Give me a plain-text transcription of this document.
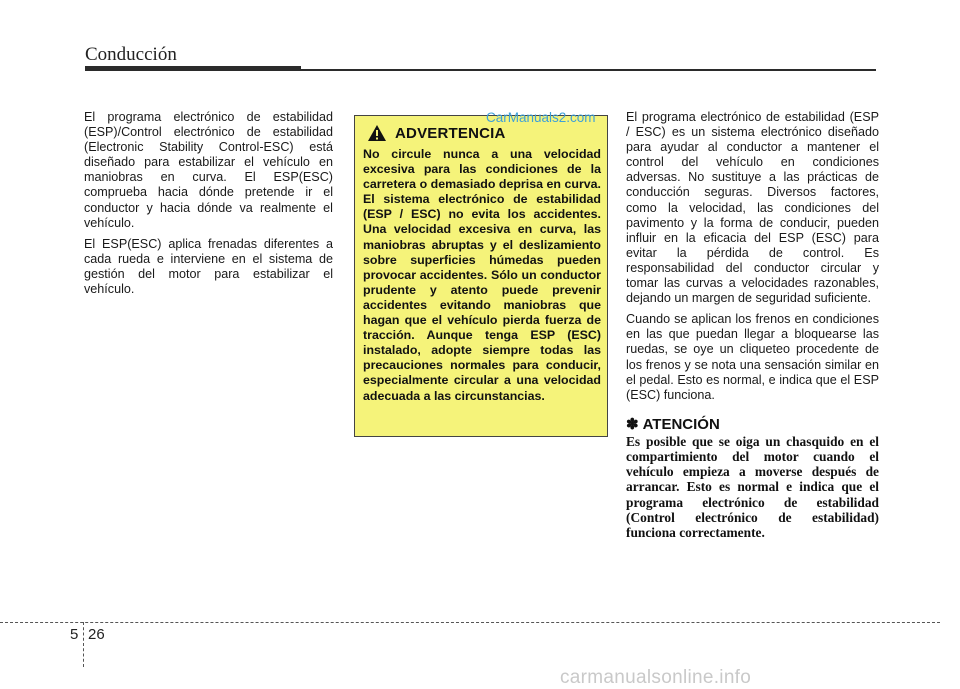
Conducción

El programa electrónico de estabilidad (ESP)/Control electrónico de estabilidad (Electronic Stability Control-ESC) está diseñado para estabilizar el vehículo en maniobras en curva. El ESP(ESC) comprueba hacia dónde pretende ir el conductor y hacia dónde va realmente el vehículo.

El ESP(ESC) aplica frenadas diferentes a cada rueda e interviene en el sistema de gestión del motor para estabilizar el vehículo.

ADVERTENCIA
No circule nunca a una velocidad excesiva para las condiciones de la carretera o demasiado deprisa en curva. El sistema electrónico de estabilidad (ESP / ESC) no evita los accidentes. Una velocidad excesiva en curva, las maniobras abruptas y el deslizamiento sobre superficies húmedas pueden provocar accidentes. Sólo un conductor prudente y atento puede prevenir accidentes evitando maniobras que hagan que el vehículo pierda fuerza de tracción. Aunque tenga ESP (ESC) instalado, adopte siempre todas las precauciones normales para conducir, especialmente circular a una velocidad adecuada a las circunstancias.
CarManuals2.com El programa electrónico de estabilidad (ESP / ESC) es un sistema electrónico diseñado para ayudar al conductor a mantener el control del vehículo en condiciones adversas. No sustituye a las prácticas de conducción seguras. Diversos factores, como la velocidad, las condiciones del pavimento y la forma de conducir, pueden influir en la eficacia del ESP (ESC) para evitar la pérdida de control. Es responsabilidad del conductor circular y tomar las curvas a velocidades razonables, dejando un margen de seguridad suficiente.

Cuando se aplican los frenos en condiciones en las que puedan llegar a bloquearse las ruedas, se oye un cliqueteo procedente de los frenos y se nota una sensación similar en el pedal. Esto es normal, e indica que el ESP (ESC) funciona.

✽ ATENCIÓN
Es posible que se oiga un chasquido en el compartimiento del motor cuando el vehículo empieza a moverse después de arrancar. Esto es normal e indica que el programa electrónico de estabilidad (Control electrónico de estabilidad) funciona correctamente.
5 26
carmanualsonline.info
